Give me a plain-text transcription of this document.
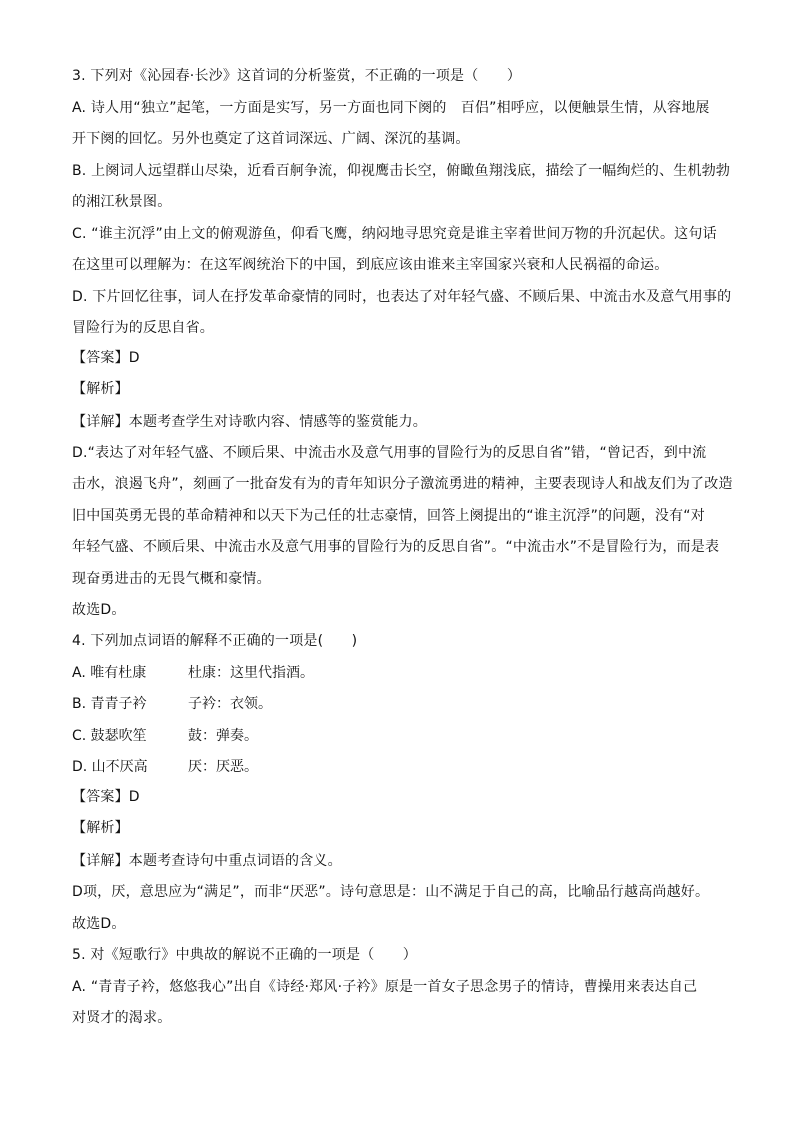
3. 下列对《沁园春·长沙》这首词的分析鉴赏，不正确的一项是（　　）
A. 诗人用“独立”起笔，一方面是实写，另一方面也同下阕的　百侣”相呼应，以便触景生情，从容地展
开下阕的回忆。另外也奠定了这首词深远、广阔、深沉的基调。
B. 上阕词人远望群山尽染，近看百舸争流，仰视鹰击长空，俯瞰鱼翔浅底，描绘了一幅绚烂的、生机勃勃
的湘江秋景图。
C. “谁主沉浮”由上文的俯观游鱼，仰看飞鹰，纳闷地寻思究竟是谁主宰着世间万物的升沉起伏。这句话
在这里可以理解为：在这军阀统治下的中国，到底应该由谁来主宰国家兴衰和人民祸福的命运。
D. 下片回忆往事，词人在抒发革命豪情的同时，也表达了对年轻气盛、不顾后果、中流击水及意气用事的
冒险行为的反思自省。
【答案】D
【解析】
【详解】本题考查学生对诗歌内容、情感等的鉴赏能力。
D.“表达了对年轻气盛、不顾后果、中流击水及意气用事的冒险行为的反思自省”错，“曾记否，到中流
击水，浪遏飞舟”，刻画了一批奋发有为的青年知识分子激流勇进的精神，主要表现诗人和战友们为了改造
旧中国英勇无畏的革命精神和以天下为己任的壮志豪情，回答上阕提出的“谁主沉浮”的问题，没有“对
年轻气盛、不顾后果、中流击水及意气用事的冒险行为的反思自省”。“中流击水”不是冒险行为，而是表
现奋勇进击的无畏气概和豪情。
故选D。
4. 下列加点词语的解释不正确的一项是(　　)
A. 唯有杜康	杜康：这里代指酒。
B. 青青子衿	子衿：衣领。
C. 鼓瑟吹笙	鼓：弹奏。
D. 山不厌高	厌：厌恶。
【答案】D
【解析】
【详解】本题考查诗句中重点词语的含义。
D项，厌，意思应为“满足”，而非“厌恶”。诗句意思是：山不满足于自己的高，比喻品行越高尚越好。
故选D。
5. 对《短歌行》中典故的解说不正确的一项是（　　）
A. “青青子衿，悠悠我心”出自《诗经·郑风·子衿》原是一首女子思念男子的情诗，曹操用来表达自己
对贤才的渴求。
